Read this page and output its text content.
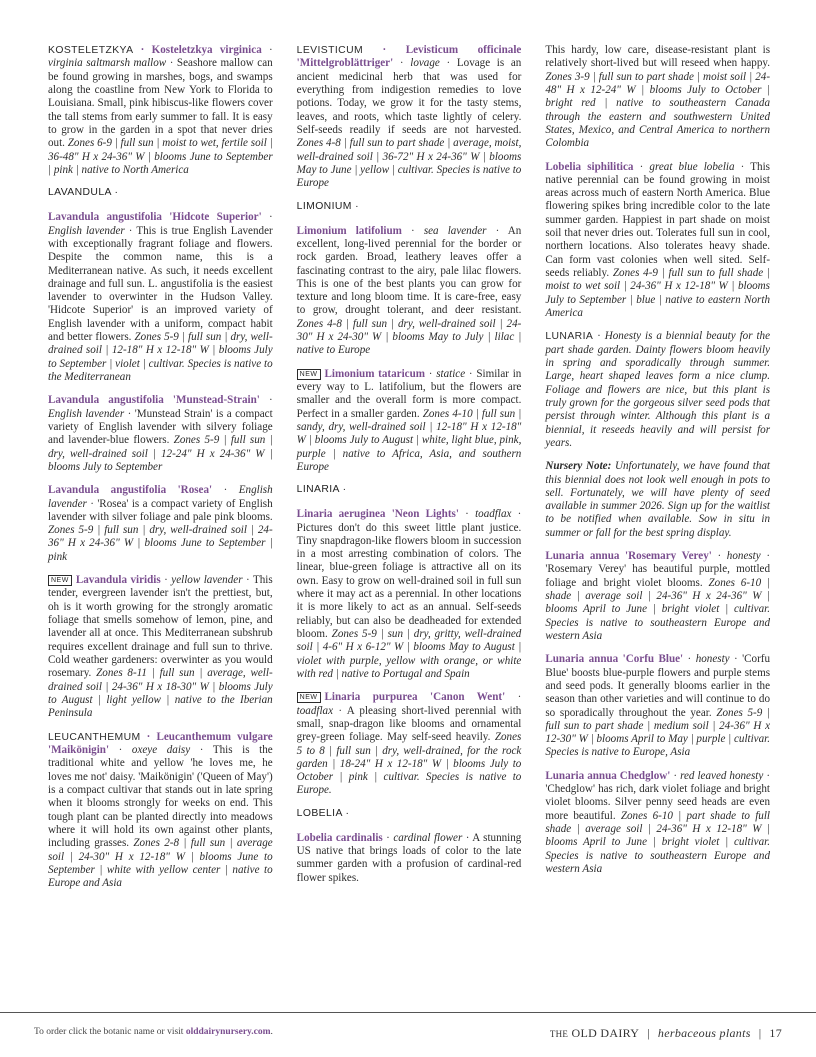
KOSTELETZKYA · Kosteletzkya virginica · virginia saltmarsh mallow · Seashore mallow can be found growing in marshes, bogs, and swamps along the coastline from New York to Florida to Louisiana. Small, pink hibiscus-like flowers cover the tall stems from early summer to fall. It is easy to grow in the garden in a spot that never dries out. Zones 6-9 | full sun | moist to wet, fertile soil | 36-48" H x 24-36" W | blooms June to September | pink | native to North America

LAVANDULA ·

Lavandula angustifolia 'Hidcote Superior' · English lavender · This is true English Lavender with exceptionally fragrant foliage and flowers. Despite the common name, this is a Mediterranean native. As such, it needs excellent drainage and full sun. L. angustifolia is the easiest lavender to overwinter in the Hudson Valley. 'Hidcote Superior' is an improved variety of English lavender with a uniform, compact habit and better flowers. Zones 5-9 | full sun | dry, well-drained soil | 12-18" H x 12-18" W | blooms July to September | violet | cultivar. Species is native to the Mediterranean

Lavandula angustifolia 'Munstead-Strain' · English lavender · 'Munstead Strain' is a compact variety of English lavender with silvery foliage and lavender-blue flowers. Zones 5-9 | full sun | dry, well-drained soil | 12-24" H x 24-36" W | blooms July to September

Lavandula angustifolia 'Rosea' · English lavender · 'Rosea' is a compact variety of English lavender with silver foliage and pale pink blooms. Zones 5-9 | full sun | dry, well-drained soil | 24-36" H x 24-36" W | blooms June to September | pink

NEW Lavandula viridis · yellow lavender · This tender, evergreen lavender isn't the prettiest, but, oh is it worth growing for the strongly aromatic foliage that smells somehow of lemon, pine, and lavender all at once. This Mediterranean subshrub requires excellent drainage and full sun to thrive. Cold weather gardeners: overwinter as you would rosemary. Zones 8-11 | full sun | average, well-drained soil | 24-36" H x 18-30" W | blooms July to August | light yellow | native to the Iberian Peninsula

LEUCANTHEMUM · Leucanthemum vulgare 'Maikönigin' · oxeye daisy · This is the traditional white and yellow 'he loves me, he loves me not' daisy. 'Maikönigin' ('Queen of May') is a compact cultivar that stands out in late spring when it blooms strongly for weeks on end. This tough plant can be planted directly into meadows where it will hold its own against other plants, including grasses. Zones 2-8 | full sun | average soil | 24-30" H x 12-18" W | blooms June to September | white with yellow center | native to Europe and Asia

LEVISTICUM · Levisticum officinale 'Mittelgroblättriger' · lovage · Lovage is an ancient medicinal herb that was used for everything from indigestion remedies to love potions. Today, we grow it for the tasty stems, leaves, and roots, which taste lightly of celery. Self-seeds readily if seeds are not harvested. Zones 4-8 | full sun to part shade | average, moist, well-drained soil | 36-72" H x 24-36" W | blooms May to June | yellow | cultivar. Species is native to Europe

LIMONIUM ·

Limonium latifolium · sea lavender · An excellent, long-lived perennial for the border or rock garden. Broad, leathery leaves offer a fascinating contrast to the airy, pale lilac flowers. This is one of the best plants you can grow for texture and long bloom time. It is care-free, easy to grow, drought tolerant, and deer resistant. Zones 4-8 | full sun | dry, well-drained soil | 24-30" H x 24-30" W | blooms May to July | lilac | native to Europe

NEW Limonium tataricum · statice · Similar in every way to L. latifolium, but the flowers are smaller and the overall form is more compact. Perfect in a smaller garden. Zones 4-10 | full sun | sandy, dry, well-drained soil | 12-18" H x 12-18" W | blooms July to August | white, light blue, pink, purple | native to Africa, Asia, and southern Europe

LINARIA ·

Linaria aeruginea 'Neon Lights' · toadflax · Pictures don't do this sweet little plant justice. Tiny snapdragon-like flowers bloom in succession in a most arresting combination of colors. The linear, blue-green foliage is attractive all on its own. Easy to grow on well-drained soil in full sun where it may act as a perennial. In other locations it is more likely to act as an annual. Self-seeds reliably, but can also be deadheaded for extended bloom. Zones 5-9 | sun | dry, gritty, well-drained soil | 4-6" H x 6-12" W | blooms May to August | violet with purple, yellow with orange, or white with red | native to Portugal and Spain

NEW Linaria purpurea 'Canon Went' · toadflax · A pleasing short-lived perennial with small, snap-dragon like blooms and ornamental grey-green foliage. May self-seed heavily. Zones 5 to 8 | full sun | dry, well-drained, for the rock garden | 18-24" H x 12-18" W | blooms July to October | pink | cultivar. Species is native to Europe.

LOBELIA ·

Lobelia cardinalis · cardinal flower · A stunning US native that brings loads of color to the late summer garden with a profusion of cardinal-red flower spikes.

This hardy, low care, disease-resistant plant is relatively short-lived but will reseed when happy. Zones 3-9 | full sun to part shade | moist soil | 24-48" H x 12-24" W | blooms July to October | bright red | native to southeastern Canada through the eastern and southwestern United States, Mexico, and Central America to northern Colombia

Lobelia siphilitica · great blue lobelia · This native perennial can be found growing in moist areas across much of eastern North America. Blue flowering spikes bring incredible color to the late summer garden. Happiest in part shade on moist soil that never dries out. Tolerates full sun in cool, northern locations. Also tolerates heavy shade. Can form vast colonies when well sited. Self-seeds reliably. Zones 4-9 | full sun to full shade | moist to wet soil | 24-36" H x 12-18" W | blooms July to September | blue | native to eastern North America

LUNARIA · Honesty is a biennial beauty for the part shade garden. Dainty flowers bloom heavily in spring and sporadically through summer. Large, heart shaped leaves form a nice clump. Foliage and flowers are nice, but this plant is truly grown for the gorgeous silver seed pods that persist through winter. Although this plant is a biennial, it reseeds heavily and will persist for years.

Nursery Note: Unfortunately, we have found that this biennial does not look well enough in pots to sell. Fortunately, we will have plenty of seed available in summer 2026. Sign up for the waitlist to be notified when available. Sow in situ in summer or fall for the best spring display.

Lunaria annua 'Rosemary Verey' · honesty · 'Rosemary Verey' has beautiful purple, mottled foliage and bright violet blooms. Zones 6-10 | shade | average soil | 24-36" H x 24-36" W | blooms April to June | bright violet | cultivar. Species is native to southeastern Europe and western Asia

Lunaria annua 'Corfu Blue' · honesty · 'Corfu Blue' boosts blue-purple flowers and purple stems and seed pods. It generally blooms earlier in the season than other varieties and will continue to do so sporadically throughout the year. Zones 5-9 | full sun to part shade | medium soil | 24-36" H x 12-30" W | blooms April to May | purple | cultivar. Species is native to Europe, Asia

Lunaria annua Chedglow' · red leaved honesty · 'Chedglow' has rich, dark violet foliage and bright violet blooms. Silver penny seed heads are even more beautiful. Zones 6-10 | part shade to full shade | average soil | 24-36" H x 12-18" W | blooms April to June | bright violet | cultivar. Species is native to southeastern Europe and western Asia

To order click the botanic name or visit olddairynursery.com.	THE OLD DAIRY | herbaceous plants | 17
